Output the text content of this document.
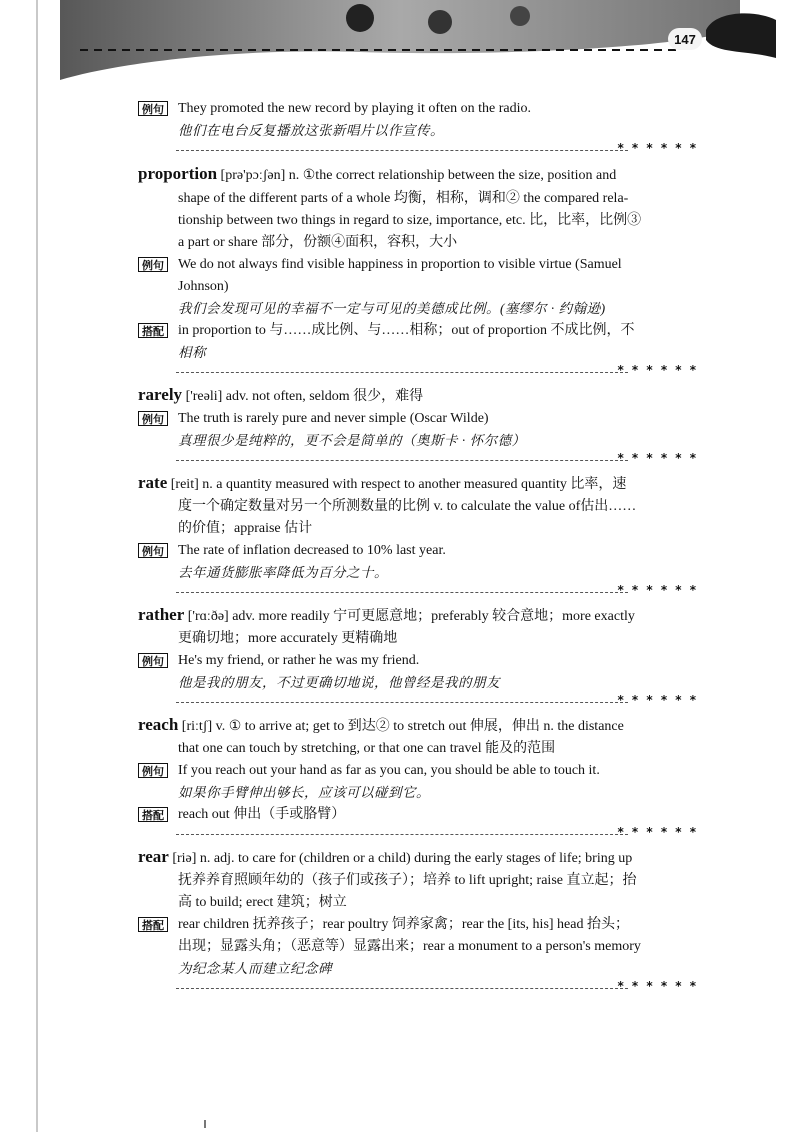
147
例句	They promoted the new record by playing it often on the radio.
他们在电台反复播放这张新唱片以作宣传。
* * * * * *
proportion [prə'pɔːʃən] n. ①the correct relationship between the size, position and
shape of the different parts of a whole 均衡，相称，调和② the compared rela-
tionship between two things in regard to size, importance, etc. 比，比率，比例③
a part or share 部分，份额④面积，容积，大小
例句	We do not always find visible happiness in proportion to visible virtue (Samuel
Johnson)
我们会发现可见的幸福不一定与可见的美德成比例。(塞缪尔 · 约翰逊)
搭配	in proportion to 与……成比例、与……相称；out of proportion 不成比例，不
相称
* * * * * *
rarely ['reəli] adv. not often, seldom 很少，难得
例句	The truth is rarely pure and never simple (Oscar Wilde)
真理很少是纯粹的，更不会是简单的（奥斯卡 · 怀尔德）
* * * * * *
rate [reit] n. a quantity measured with respect to another measured quantity 比率，速
度一个确定数量对另一个所测数量的比例 v. to calculate the value of估出……
的价值；appraise 估计
例句	The rate of inflation decreased to 10% last year.
去年通货膨胀率降低为百分之十。
* * * * * *
rather ['rɑːðə] adv. more readily 宁可更愿意地；preferably 较合意地；more exactly
更确切地；more accurately 更精确地
例句	He's my friend, or rather he was my friend.
他是我的朋友，不过更确切地说，他曾经是我的朋友
* * * * * *
reach [riːtʃ] v. ① to arrive at; get to 到达② to stretch out 伸展，伸出 n. the distance
that one can touch by stretching, or that one can travel 能及的范围
例句	If you reach out your hand as far as you can, you should be able to touch it.
如果你手臂伸出够长，应该可以碰到它。
搭配	reach out 伸出（手或胳臂）
* * * * * *
rear [riə] n. adj. to care for (children or a child) during the early stages of life; bring up
抚养养育照顾年幼的（孩子们或孩子）；培养 to lift upright; raise 直立起；抬
高 to build; erect 建筑；树立
搭配	rear children 抚养孩子；rear poultry 饲养家禽；rear the [its, his] head 抬头；
出现；显露头角；（恶意等）显露出来；rear a monument to a person's memory
为纪念某人而建立纪念碑
* * * * * *
